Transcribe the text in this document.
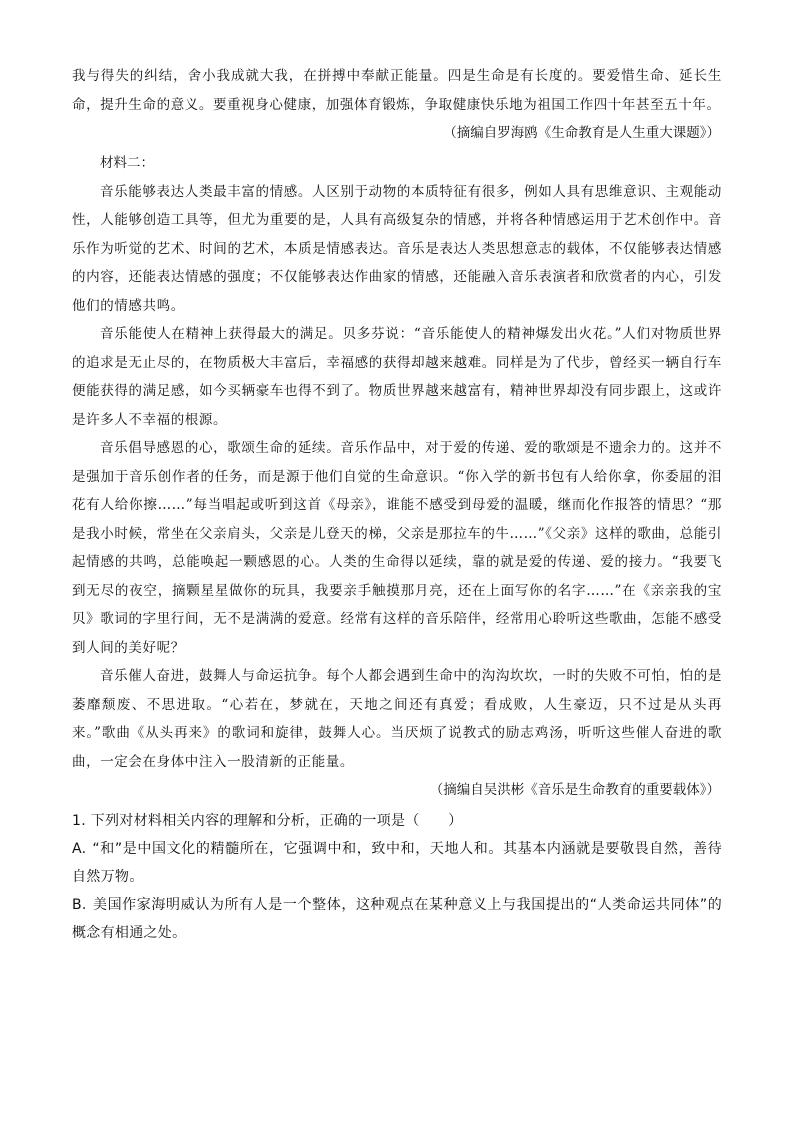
我与得失的纠结，舍小我成就大我，在拼搏中奉献正能量。四是生命是有长度的。要爱惜生命、延长生命，提升生命的意义。要重视身心健康，加强体育锻炼，争取健康快乐地为祖国工作四十年甚至五十年。

（摘编自罗海鸥《生命教育是人生重大课题》）

材料二：

音乐能够表达人类最丰富的情感。人区别于动物的本质特征有很多，例如人具有思维意识、主观能动性，人能够创造工具等，但尤为重要的是，人具有高级复杂的情感，并将各种情感运用于艺术创作中。音乐作为听觉的艺术、时间的艺术，本质是情感表达。音乐是表达人类思想意志的载体，不仅能够表达情感的内容，还能表达情感的强度；不仅能够表达作曲家的情感，还能融入音乐表演者和欣赏者的内心，引发他们的情感共鸣。

音乐能使人在精神上获得最大的满足。贝多芬说：“音乐能使人的精神爆发出火花。”人们对物质世界的追求是无止尽的，在物质极大丰富后，幸福感的获得却越来越难。同样是为了代步，曾经买一辆自行车便能获得的满足感，如今买辆豪车也得不到了。物质世界越来越富有，精神世界却没有同步跟上，这或许是许多人不幸福的根源。

音乐倡导感恩的心，歌颂生命的延续。音乐作品中，对于爱的传递、爱的歌颂是不遗余力的。这并不是强加于音乐创作者的任务，而是源于他们自觉的生命意识。“你入学的新书包有人给你拿，你委屈的泪花有人给你擦……”每当唱起或听到这首《母亲》，谁能不感受到母爱的温暖，继而化作报答的情思？“那是我小时候，常坐在父亲肩头，父亲是儿登天的梯，父亲是那拉车的牛……”《父亲》这样的歌曲，总能引起情感的共鸣，总能唤起一颗感恩的心。人类的生命得以延续，靠的就是爱的传递、爱的接力。“我要飞到无尽的夜空，摘颗星星做你的玩具，我要亲手触摸那月亮，还在上面写你的名字……”在《亲亲我的宝贝》歌词的字里行间，无不是满满的爱意。经常有这样的音乐陪伴，经常用心聆听这些歌曲，怎能不感受到人间的美好呢？

音乐催人奋进，鼓舞人与命运抗争。每个人都会遇到生命中的沟沟坎坎，一时的失败不可怕，怕的是萎靡颓废、不思进取。“心若在，梦就在，天地之间还有真爱；看成败，人生豪迈，只不过是从头再来。”歌曲《从头再来》的歌词和旋律，鼓舞人心。当厌烦了说教式的励志鸡汤，听听这些催人奋进的歌曲，一定会在身体中注入一股清新的正能量。

（摘编自吴洪彬《音乐是生命教育的重要载体》）

1. 下列对材料相关内容的理解和分析，正确的一项是（　　）

A. “和”是中国文化的精髓所在，它强调中和，致中和，天地人和。其基本内涵就是要敬畏自然，善待自然万物。

B. 美国作家海明威认为所有人是一个整体，这种观点在某种意义上与我国提出的“人类命运共同体”的概念有相通之处。
